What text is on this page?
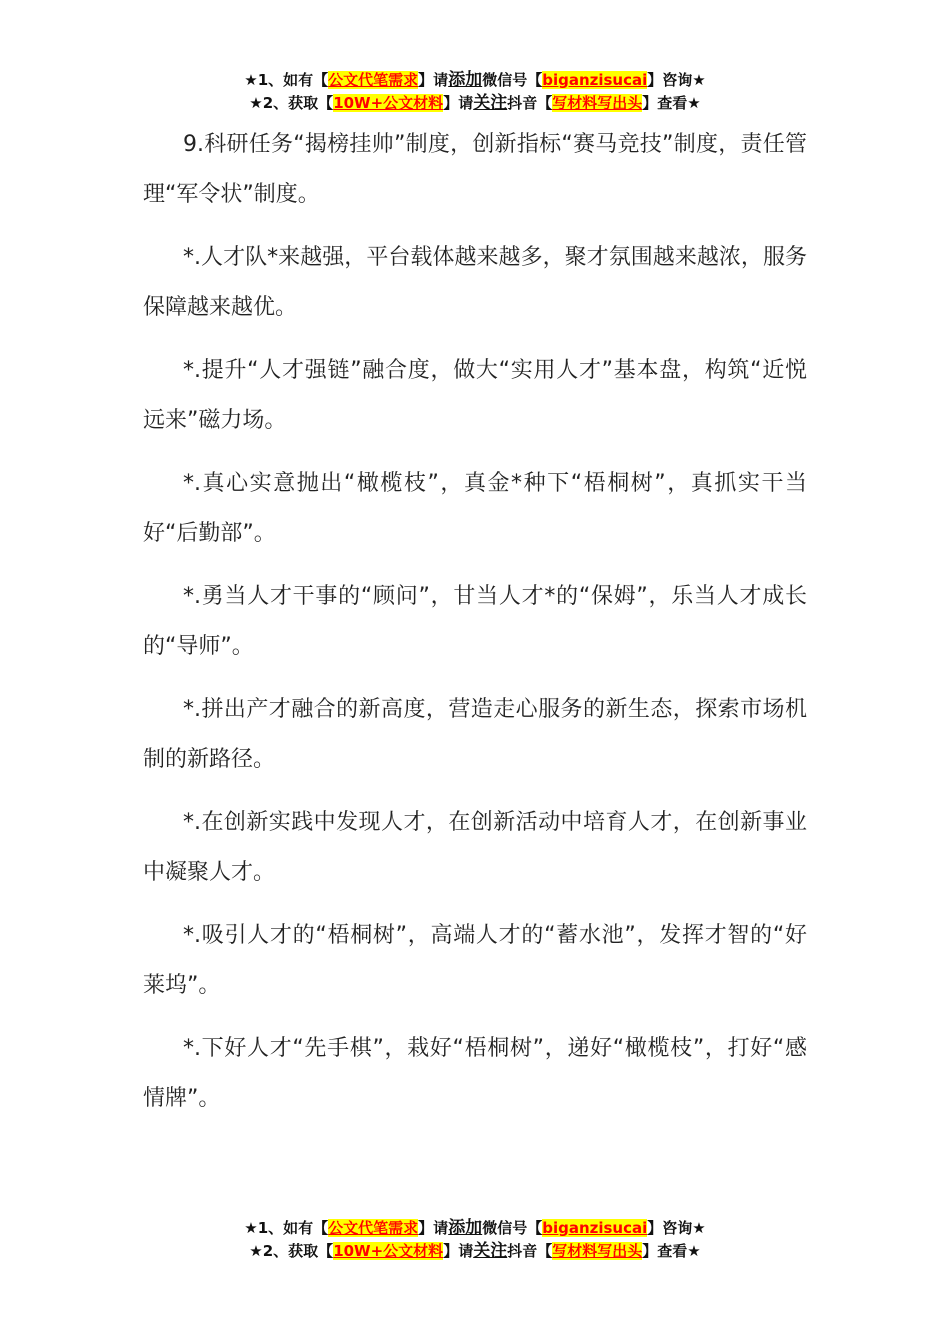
★1、如有【公文代笔需求】请添加微信号【biganzisucai】咨询★
★2、获取【10W+公文材料】请关注抖音【写材料写出头】查看★

9.科研任务“揭榜挂帅”制度，创新指标“赛马竞技”制度，责任管理“军令状”制度。

*.人才队*来越强，平台载体越来越多，聚才氛围越来越浓，服务保障越来越优。

*.提升“人才强链”融合度，做大“实用人才”基本盘，构筑“近悦远来”磁力场。

*.真心实意抛出“橄榄枝”，真金*种下“梧桐树”，真抓实干当好“后勤部”。

*.勇当人才干事的“顾问”，甘当人才*的“保姆”，乐当人才成长的“导师”。

*.拼出产才融合的新高度，营造走心服务的新生态，探索市场机制的新路径。

*.在创新实践中发现人才，在创新活动中培育人才，在创新事业中凝聚人才。

*.吸引人才的“梧桐树”，高端人才的“蓄水池”，发挥才智的“好莱坞”。

*.下好人才“先手棋”，栽好“梧桐树”，递好“橄榄枝”，打好“感情牌”。

★1、如有【公文代笔需求】请添加微信号【biganzisucai】咨询★
★2、获取【10W+公文材料】请关注抖音【写材料写出头】查看★
